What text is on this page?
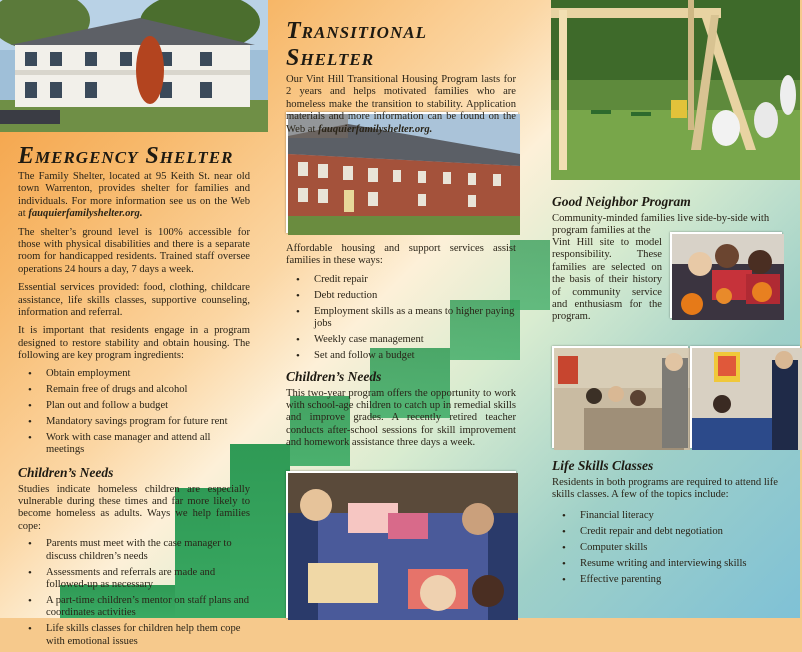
Emergency Shelter

The Family Shelter, located at 95 Keith St. near old town Warrenton, provides shelter for families and individuals. For more information see us on the Web at fauquierfamilyshelter.org.

The shelter’s ground level is 100% accessible for those with physical disabilities and there is a separate room for handicapped residents. Trained staff oversee operations 24 hours a day, 7 days a week.

Essential services provided: food, clothing, childcare assistance, life skills classes, supportive counseling, information and referral.

It is important that residents engage in a program designed to restore stability and obtain housing. The following are key program ingredients:

• Obtain employment
• Remain free of drugs and alcohol
• Plan out and follow a budget
• Mandatory savings program for future rent
• Work with case manager and attend all meetings
Children’s Needs

Studies indicate homeless children are especially vulnerable during these times and far more likely to become homeless as adults. Ways we help families cope:

• Parents must meet with the case manager to discuss children’s needs
• Assessments and referrals are made and followed-up as necessary
• A part-time children’s mentor on staff plans and coordinates activities
• Life skills classes for children help them cope with emotional issues
Transitional Shelter

Our Vint Hill Transitional Housing Program lasts for 2 years and helps motivated families who are homeless make the transition to stability. Application materials and more information can be found on the Web at fauquierfamilyshelter.org.

Affordable housing and support services assist families in these ways:

• Credit repair
• Debt reduction
• Employment skills as a means to higher paying jobs
• Weekly case management
• Set and follow a budget
Children’s Needs

This two-year program offers the opportunity to work with school-age children to catch up in remedial skills and improve grades. A recently retired teacher conducts after-school sessions for skill improvement and homework assistance three days a week.

Good Neighbor Program

Community-minded families live side-by-side with program families at the

Vint Hill site to model responsibility. These families are selected on the basis of their history of community service and enthusiasm for the program.

Life Skills Classes

Residents in both programs are required to attend life skills classes. A few of the topics include:

• Financial literacy
• Credit repair and debt negotiation
• Computer skills
• Resume writing and interviewing skills
• Effective parenting
